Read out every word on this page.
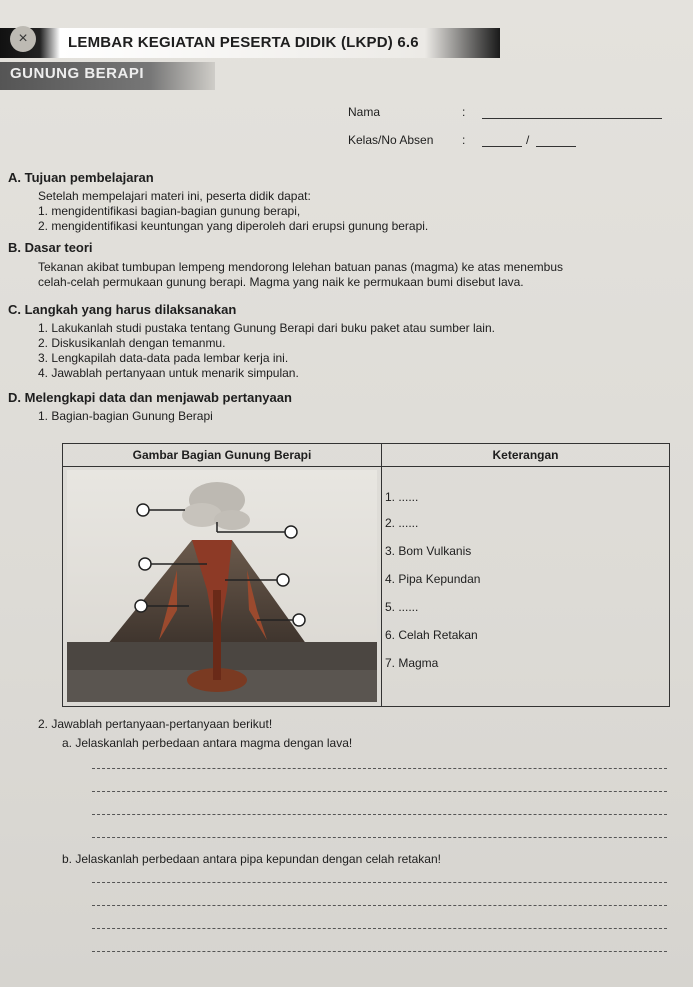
×	LEMBAR KEGIATAN PESERTA DIDIK (LKPD) 6.6
GUNUNG BERAPI
Nama	:
Kelas/No Absen :	/
A. Tujuan pembelajaran
Setelah mempelajari materi ini, peserta didik dapat:
1. mengidentifikasi bagian-bagian gunung berapi,
2. mengidentifikasi keuntungan yang diperoleh dari erupsi gunung berapi.
B. Dasar teori
Tekanan akibat tumbupan lempeng mendorong lelehan batuan panas (magma) ke atas menembus
celah-celah permukaan gunung berapi. Magma yang naik ke permukaan bumi disebut lava.
C. Langkah yang harus dilaksanakan
1. Lakukanlah studi pustaka tentang Gunung Berapi dari buku paket atau sumber lain.
2. Diskusikanlah dengan temanmu.
3. Lengkapilah data-data pada lembar kerja ini.
4. Jawablah pertanyaan untuk menarik simpulan.
D. Melengkapi data dan menjawab pertanyaan
1. Bagian-bagian Gunung Berapi
Gambar Bagian Gunung Berapi	Keterangan
1. ......
2. ......
3. Bom Vulkanis
4. Pipa Kepundan
5. ......
6. Celah Retakan
7. Magma
2. Jawablah pertanyaan-pertanyaan berikut!
a. Jelaskanlah perbedaan antara magma dengan lava!
b. Jelaskanlah perbedaan antara pipa kepundan dengan celah retakan!
